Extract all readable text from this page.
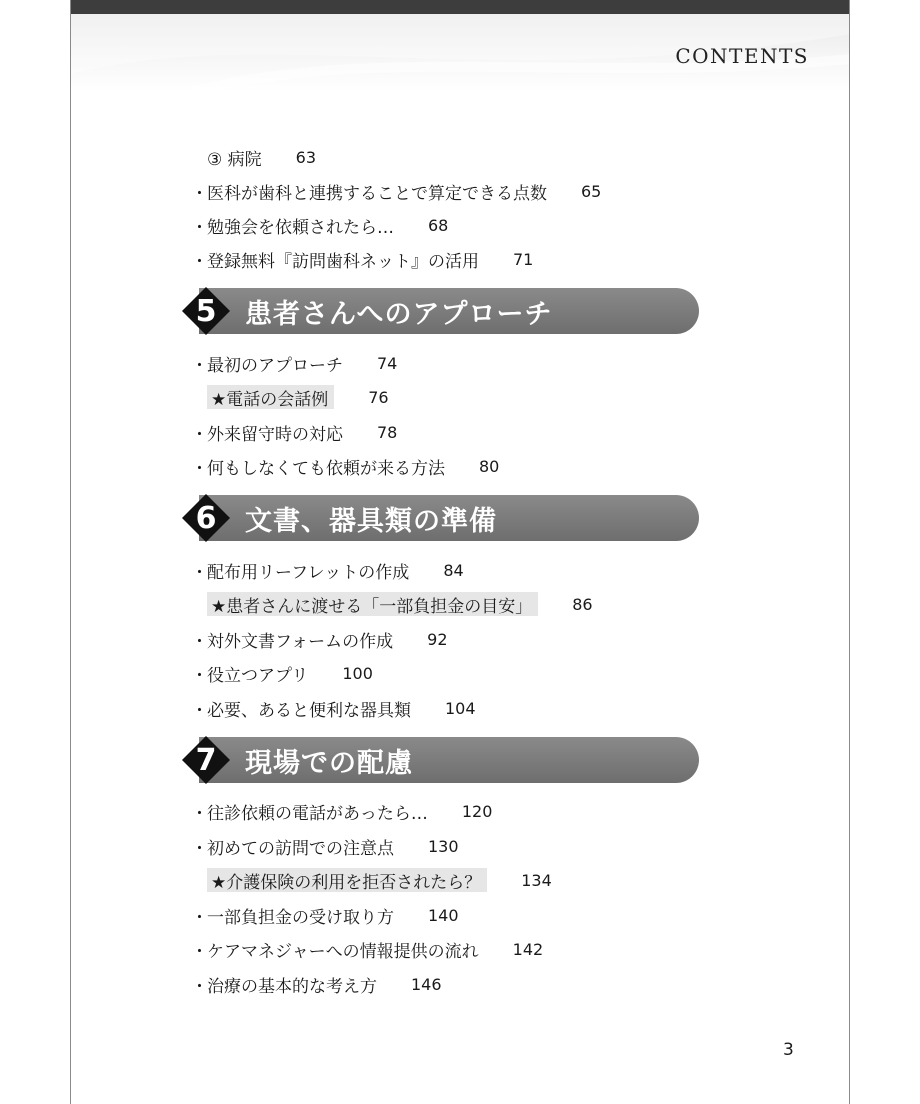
CONTENTS
③ 病院 63
・ 医科が歯科と連携することで算定できる点数 65
・ 勉強会を依頼されたら… 68
・ 登録無料『訪問歯科ネット』の活用 71
5	患者さんへのアプローチ
・ 最初のアプローチ 74
★電話の会話例	76
・ 外来留守時の対応 78
・ 何もしなくても依頼が来る方法 80
6	文書、器具類の準備
・ 配布用リーフレットの作成 84
★患者さんに渡せる「一部負担金の目安」	86
・ 対外文書フォームの作成 92
・ 役立つアプリ 100
・ 必要、あると便利な器具類 104
7	現場での配慮
・ 往診依頼の電話があったら… 120
・ 初めての訪問での注意点 130
★介護保険の利用を拒否されたら？	134
・ 一部負担金の受け取り方 140
・ ケアマネジャーへの情報提供の流れ 142
・ 治療の基本的な考え方 146
3
